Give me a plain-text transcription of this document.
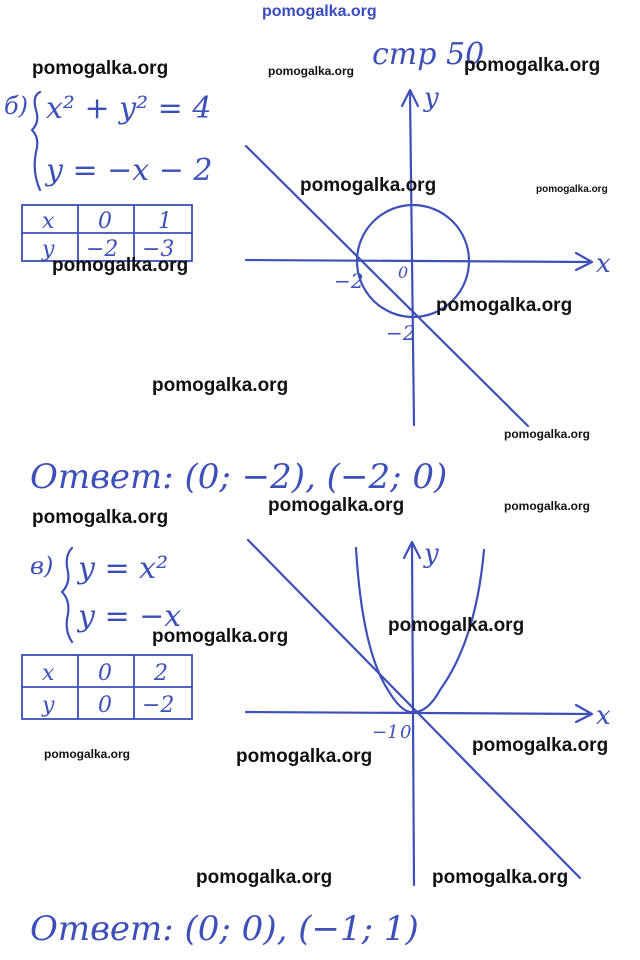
стр 50
б) x² + y² = 4
y = −x − 2
x 0 1
y −2 −3	x
y
0
−2
−2
Ответ: (0; −2), (−2; 0)
в) y = x²
y = −x
x 0 2
y 0 −2	x
y
−1 0
Ответ: (0; 0), (−1; 1)
pomogalka.org
pomogalka.org	pomogalka.org	pomogalka.org
pomogalka.org	pomogalka.org
pomogalka.org
pomogalka.org
pomogalka.org
pomogalka.org
pomogalka.org	pomogalka.org
pomogalka.org
pomogalka.org
pomogalka.org
pomogalka.org
pomogalka.org	pomogalka.org
pomogalka.org	pomogalka.org
